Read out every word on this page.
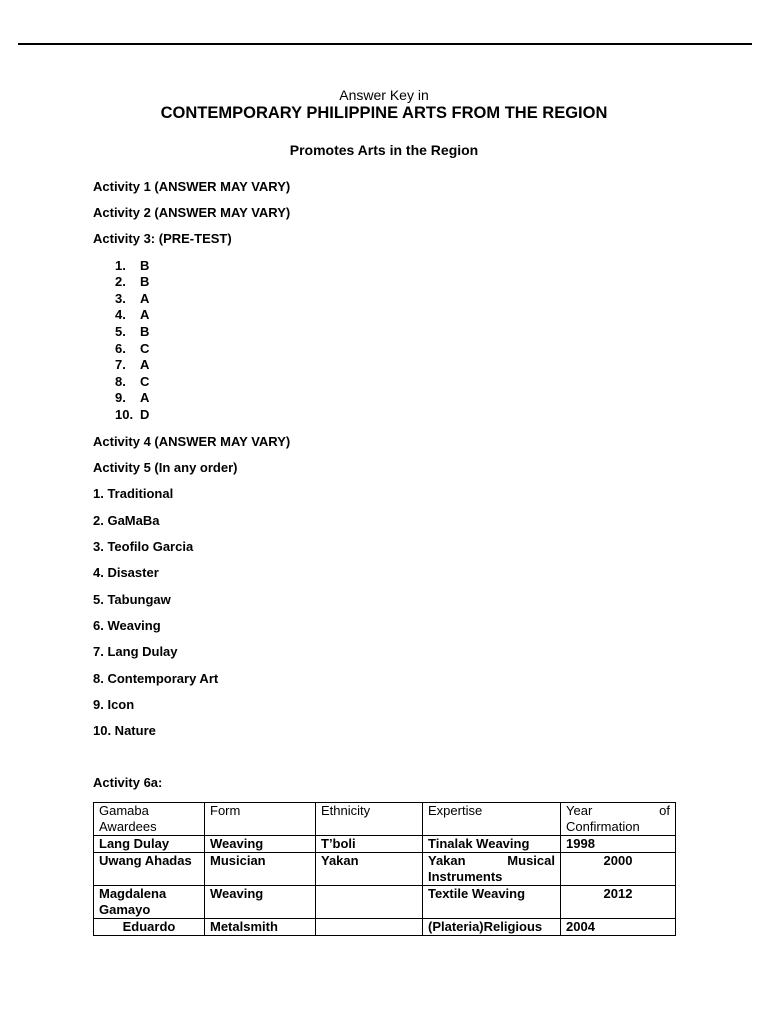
Answer Key in
CONTEMPORARY PHILIPPINE ARTS FROM THE REGION
Promotes Arts in the Region
Activity 1 (ANSWER MAY VARY)
Activity 2 (ANSWER MAY VARY)
Activity 3: (PRE-TEST)
1. B
2. B
3. A
4. A
5. B
6. C
7. A
8. C
9. A
10. D
Activity 4 (ANSWER MAY VARY)
Activity 5 (In any order)
1. Traditional
2. GaMaBa
3. Teofilo Garcia
4. Disaster
5. Tabungaw
6. Weaving
7. Lang Dulay
8. Contemporary Art
9. Icon
10. Nature
Activity 6a:
Gamaba Awardees	Form	Ethnicity	Expertise	Year of Confirmation
Lang Dulay	Weaving	T’boli	Tinalak Weaving	1998
Uwang Ahadas	Musician	Yakan	Yakan Musical Instruments	2000
Magdalena Gamayo	Weaving		Textile Weaving	2012
Eduardo	Metalsmith		(Plateria)Religious	2004
